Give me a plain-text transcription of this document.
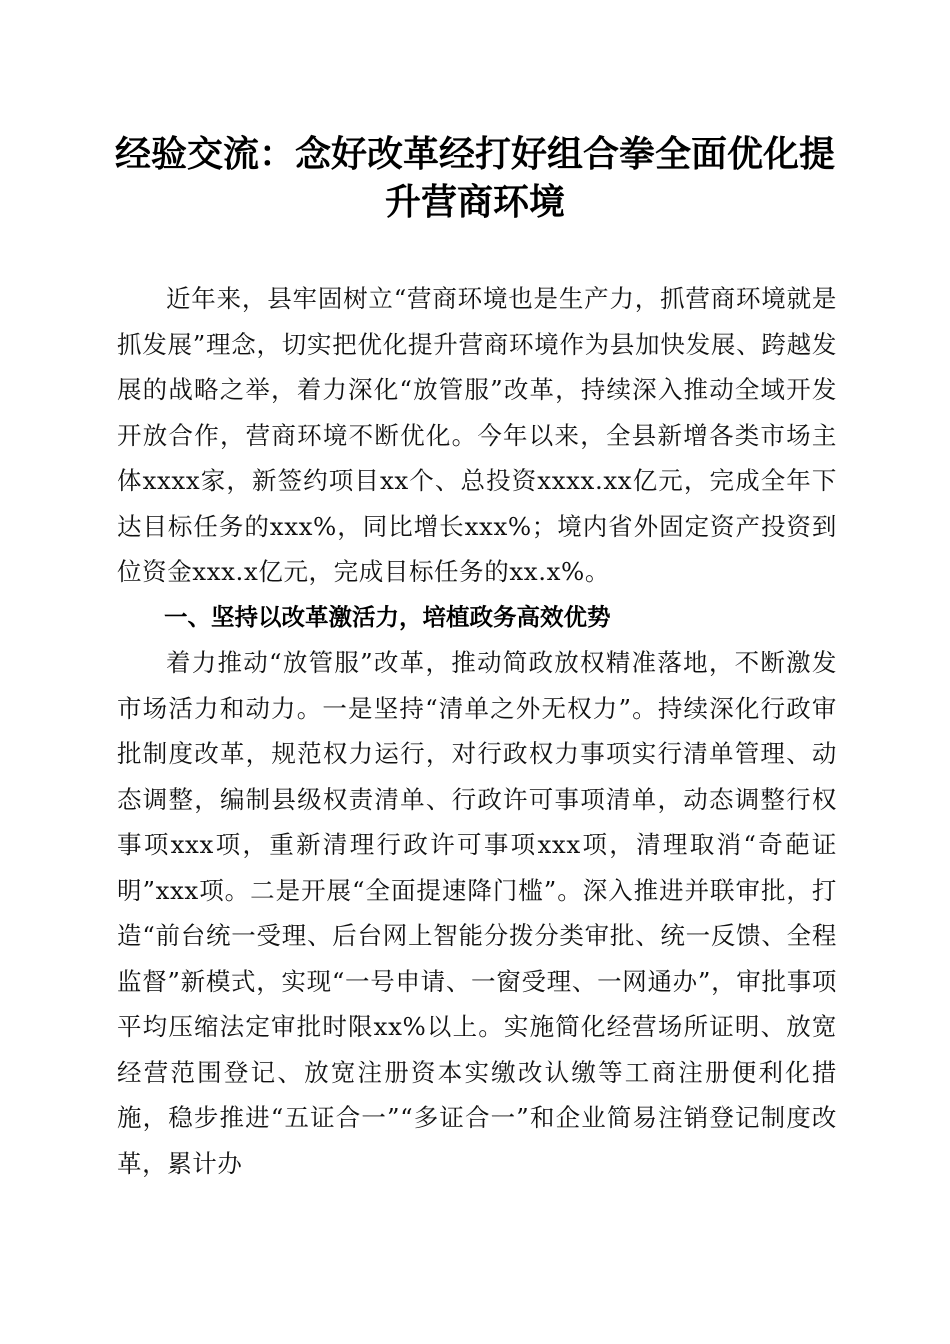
经验交流：念好改革经打好组合拳全面优化提升营商环境

近年来，县牢固树立“营商环境也是生产力，抓营商环境就是抓发展”理念，切实把优化提升营商环境作为县加快发展、跨越发展的战略之举，着力深化“放管服”改革，持续深入推动全域开发开放合作，营商环境不断优化。今年以来，全县新增各类市场主体xxxx家，新签约项目xx个、总投资xxxx.xx亿元，完成全年下达目标任务的xxx%，同比增长xxx%；境内省外固定资产投资到位资金xxx.x亿元，完成目标任务的xx.x%。

一、坚持以改革激活力，培植政务高效优势

着力推动“放管服”改革，推动简政放权精准落地，不断激发市场活力和动力。一是坚持“清单之外无权力”。持续深化行政审批制度改革，规范权力运行，对行政权力事项实行清单管理、动态调整，编制县级权责清单、行政许可事项清单，动态调整行权事项xxx项，重新清理行政许可事项xxx项，清理取消“奇葩证明”xxx项。二是开展“全面提速降门槛”。深入推进并联审批，打造“前台统一受理、后台网上智能分拨分类审批、统一反馈、全程监督”新模式，实现“一号申请、一窗受理、一网通办”，审批事项平均压缩法定审批时限xx%以上。实施简化经营场所证明、放宽经营范围登记、放宽注册资本实缴改认缴等工商注册便利化措施，稳步推进“五证合一”“多证合一”和企业简易注销登记制度改革，累计办
